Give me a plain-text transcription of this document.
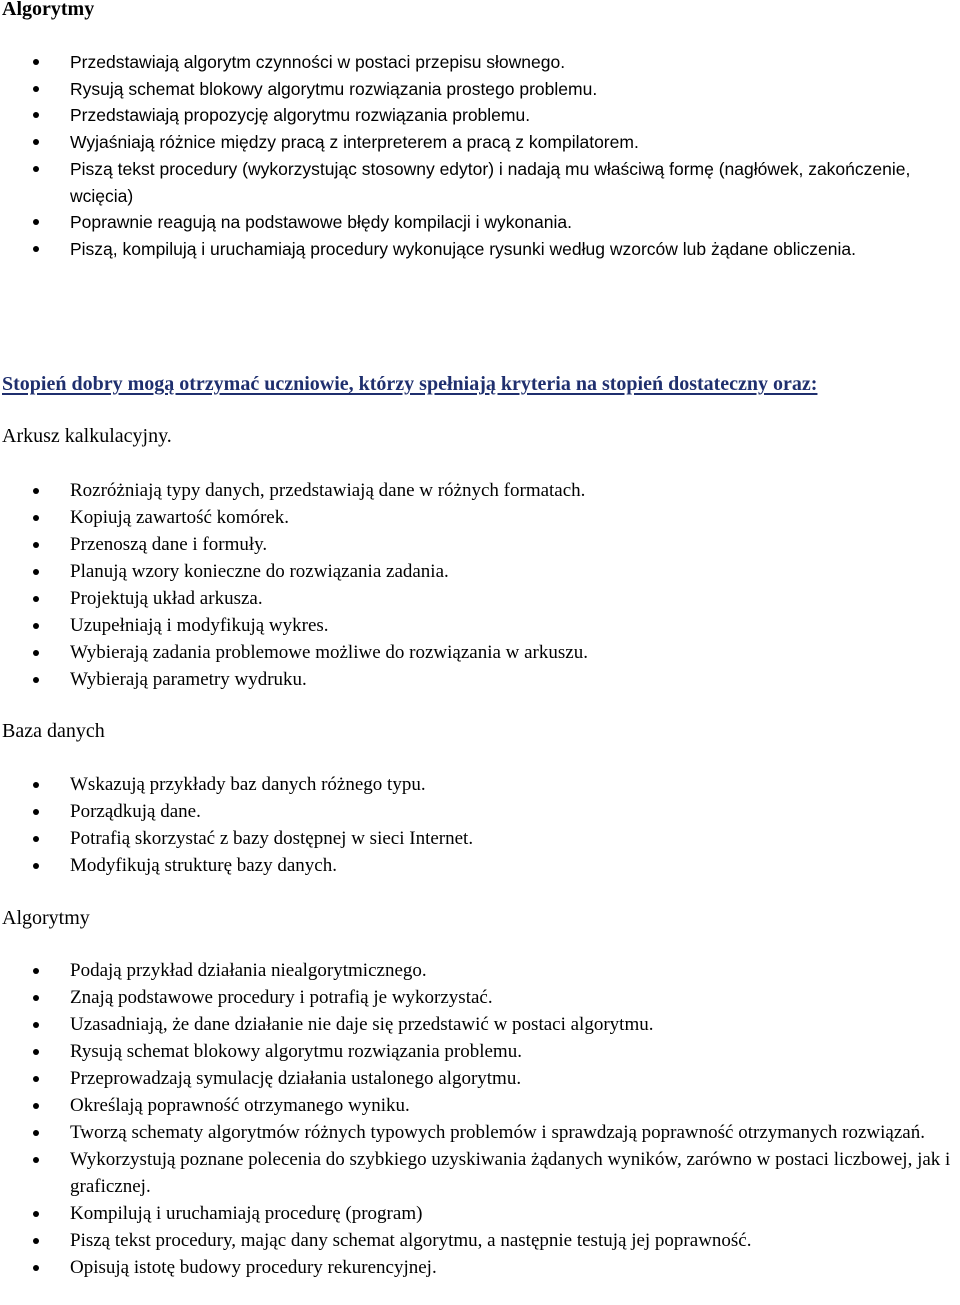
Algorytmy
Przedstawiają algorytm czynności w postaci przepisu słownego.
Rysują schemat blokowy algorytmu rozwiązania prostego problemu.
Przedstawiają propozycję algorytmu rozwiązania problemu.
Wyjaśniają różnice między pracą z interpreterem a pracą z kompilatorem.
Piszą tekst procedury (wykorzystując stosowny edytor) i nadają mu właściwą formę (nagłówek, zakończenie, wcięcia)
Poprawnie reagują na podstawowe błędy kompilacji i wykonania.
Piszą, kompilują i uruchamiają procedury wykonujące rysunki według wzorców lub żądane obliczenia.
Stopień dobry mogą otrzymać uczniowie, którzy spełniają kryteria na stopień dostateczny oraz:
Arkusz kalkulacyjny.
Rozróżniają typy danych, przedstawiają dane w różnych formatach.
Kopiują zawartość komórek.
Przenoszą dane i formuły.
Planują wzory konieczne do rozwiązania zadania.
Projektują układ arkusza.
Uzupełniają i modyfikują wykres.
Wybierają zadania problemowe możliwe do rozwiązania w arkuszu.
Wybierają parametry wydruku.
Baza danych
Wskazują przykłady baz danych różnego typu.
Porządkują dane.
Potrafią skorzystać z bazy dostępnej w sieci Internet.
Modyfikują strukturę bazy danych.
Algorytmy
Podają przykład działania niealgorytmicznego.
Znają podstawowe procedury i potrafią je wykorzystać.
Uzasadniają, że dane działanie nie daje się przedstawić w postaci algorytmu.
Rysują schemat blokowy algorytmu rozwiązania problemu.
Przeprowadzają symulację działania ustalonego algorytmu.
Określają poprawność otrzymanego wyniku.
Tworzą schematy algorytmów różnych typowych problemów i sprawdzają poprawność otrzymanych rozwiązań.
Wykorzystują poznane polecenia do szybkiego uzyskiwania żądanych wyników, zarówno w postaci liczbowej, jak i graficznej.
Kompilują i uruchamiają procedurę (program)
Piszą tekst procedury, mając dany schemat algorytmu, a następnie testują jej poprawność.
Opisują istotę budowy procedury rekurencyjnej.
